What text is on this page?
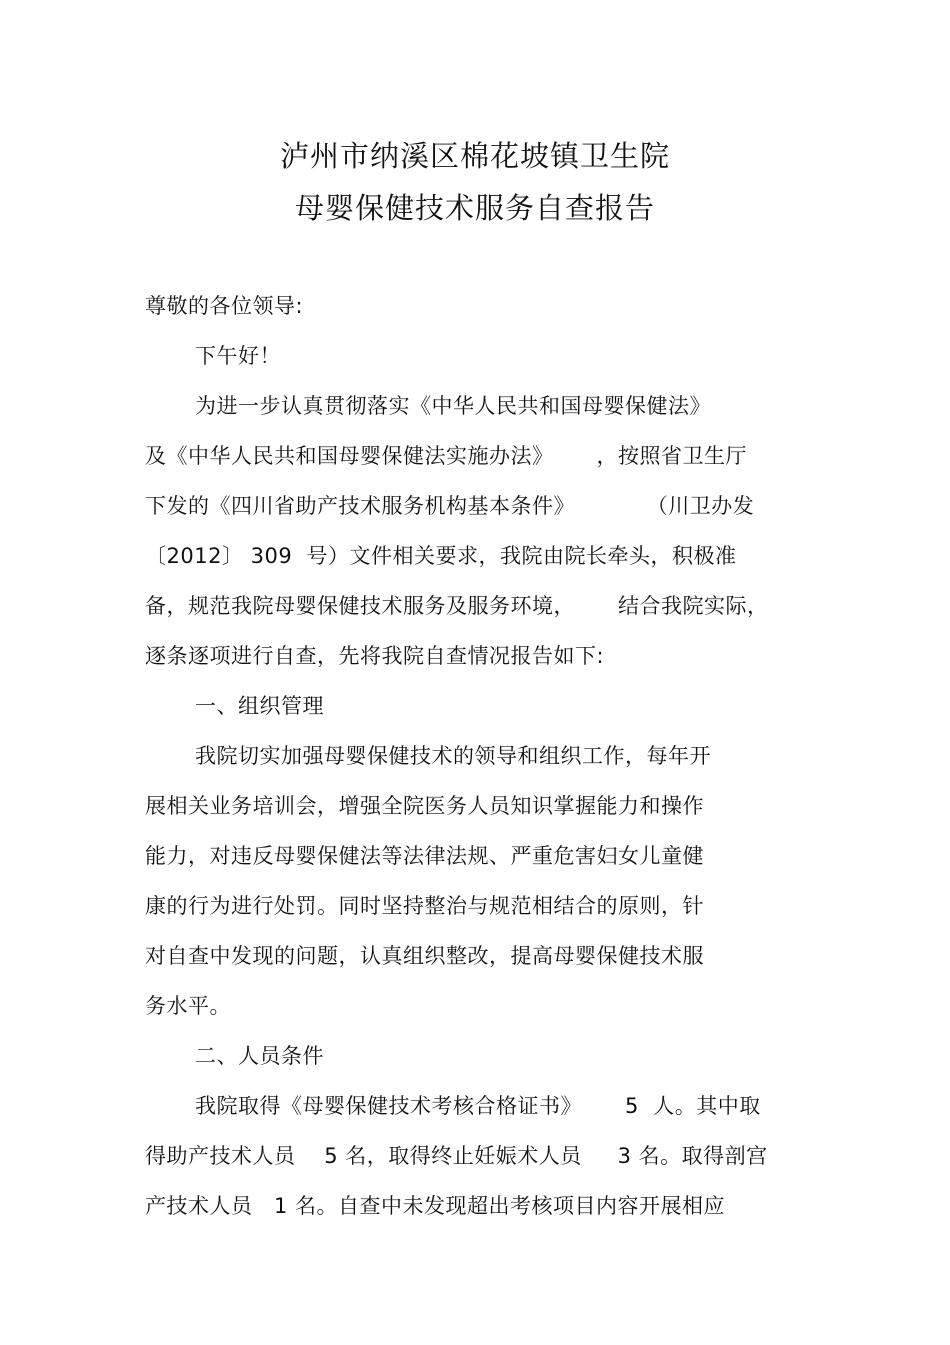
泸州市纳溪区棉花坡镇卫生院
母婴保健技术服务自查报告

尊敬的各位领导:

下午好！

为进一步认真贯彻落实《中华人民共和国母婴保健法》

及《中华人民共和国母婴保健法实施办法》      ，按照省卫生厅

下发的《四川省助产技术服务机构基本条件》          （川卫办发

〔2012〕 309  号）文件相关要求，我院由院长牵头，积极准

备，规范我院母婴保健技术服务及服务环境，      结合我院实际，

逐条逐项进行自查，先将我院自查情况报告如下:

一、组织管理

我院切实加强母婴保健技术的领导和组织工作，每年开

展相关业务培训会，增强全院医务人员知识掌握能力和操作

能力，对违反母婴保健法等法律法规、严重危害妇女儿童健

康的行为进行处罚。同时坚持整治与规范相结合的原则，针

对自查中发现的问题，认真组织整改，提高母婴保健技术服

务水平。

二、人员条件

我院取得《母婴保健技术考核合格证书》      5  人。其中取

得助产技术人员    5 名，取得终止妊娠术人员     3 名。取得剖宫

产技术人员   1 名。自查中未发现超出考核项目内容开展相应
